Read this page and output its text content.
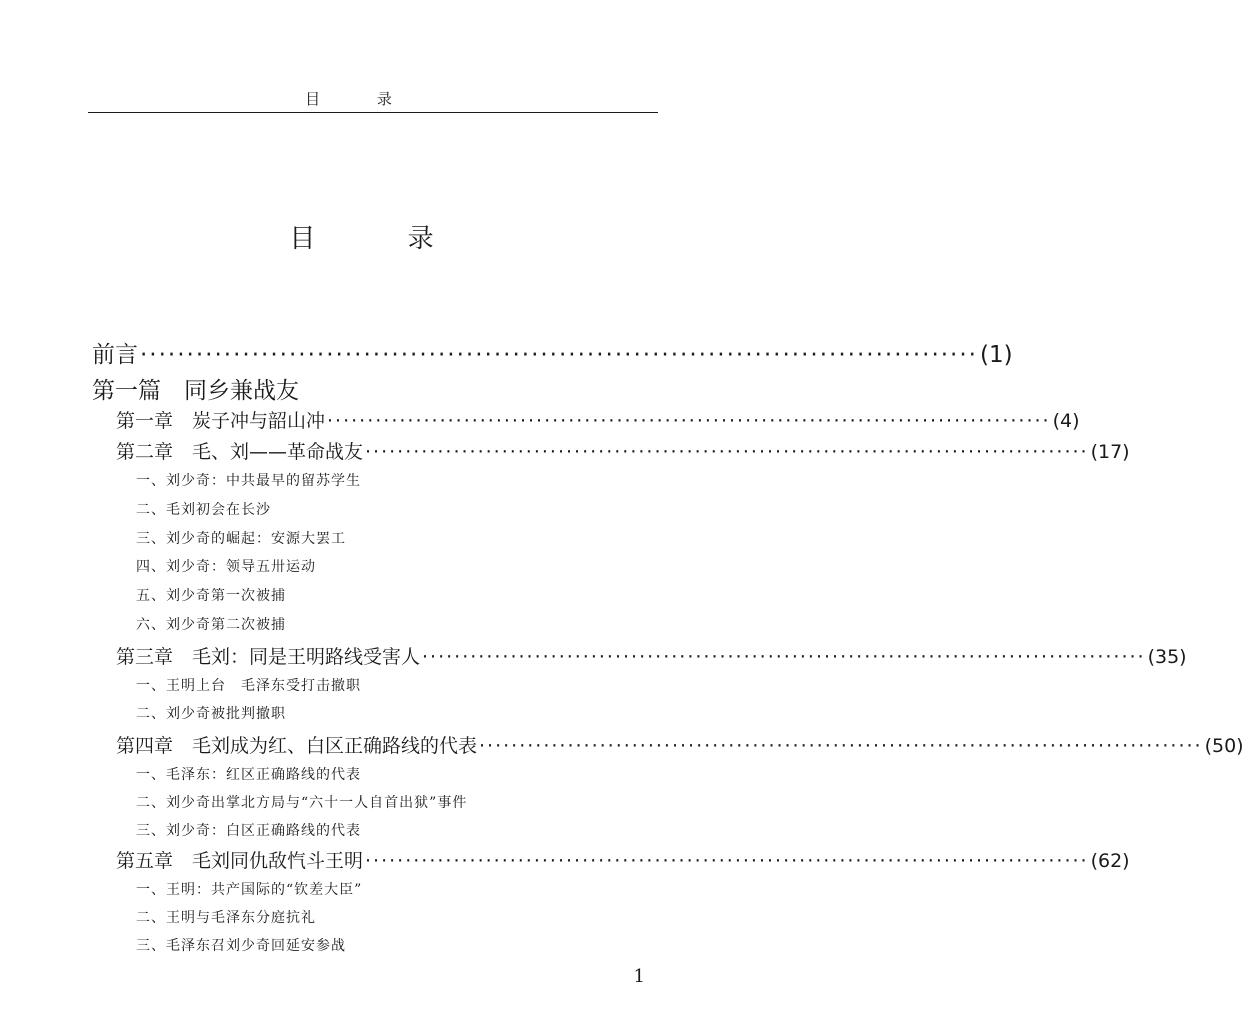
目 录
目 录
前言 ·························································································· (1)
第一篇　同乡兼战友
第一章　炭子冲与韶山冲 ·························································································· (4)
第二章　毛、刘——革命战友 ·························································································· (17)
一、刘少奇：中共最早的留苏学生
二、毛刘初会在长沙
三、刘少奇的崛起：安源大罢工
四、刘少奇：领导五卅运动
五、刘少奇第一次被捕
六、刘少奇第二次被捕
第三章　毛刘：同是王明路线受害人 ·························································································· (35)
一、王明上台　毛泽东受打击撤职
二、刘少奇被批判撤职
第四章　毛刘成为红、白区正确路线的代表 ·························································································· (50)
一、毛泽东：红区正确路线的代表
二、刘少奇出掌北方局与“六十一人自首出狱”事件
三、刘少奇：白区正确路线的代表
第五章　毛刘同仇敌忾斗王明 ·························································································· (62)
一、王明：共产国际的“钦差大臣”
二、王明与毛泽东分庭抗礼
三、毛泽东召刘少奇回延安参战
1
